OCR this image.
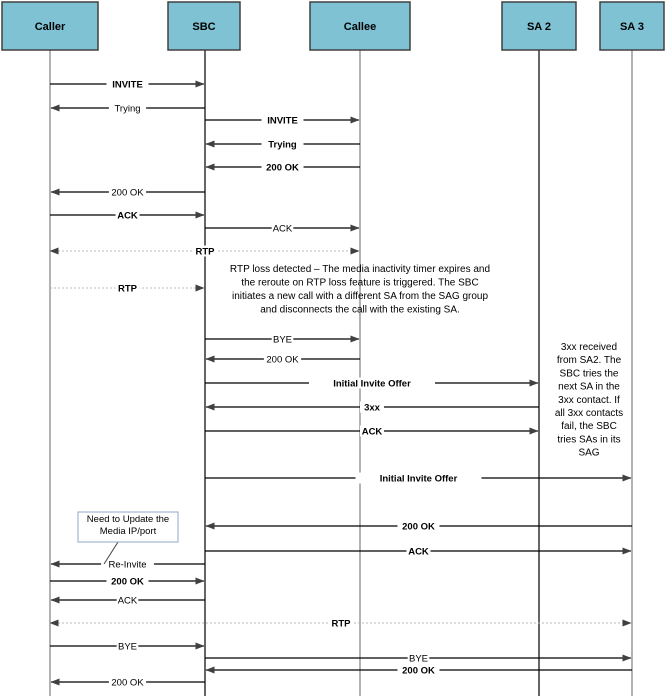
INVITE
Trying
INVITE
Trying
200 OK
200 OK
ACK
ACK
RTP
RTP
BYE
200 OK
Initial Invite Offer
3xx
ACK
Initial Invite Offer
200 OK
ACK
Re-Invite
200 OK
ACK
RTP
BYE
BYE
200 OK
200 OK
RTP loss detected – The media inactivity timer expires and
the reroute on RTP loss feature is triggered. The SBC
initiates a new call with a different SA from the SAG group
and disconnects the call with the existing SA.
3xx received
from SA2. The
SBC tries the
next SA in the
3xx contact. If
all 3xx contacts
fail, the SBC
tries SAs in its
SAG
Need to Update the
Media IP/port
Caller	SBC	Callee	SA 2	SA 3
